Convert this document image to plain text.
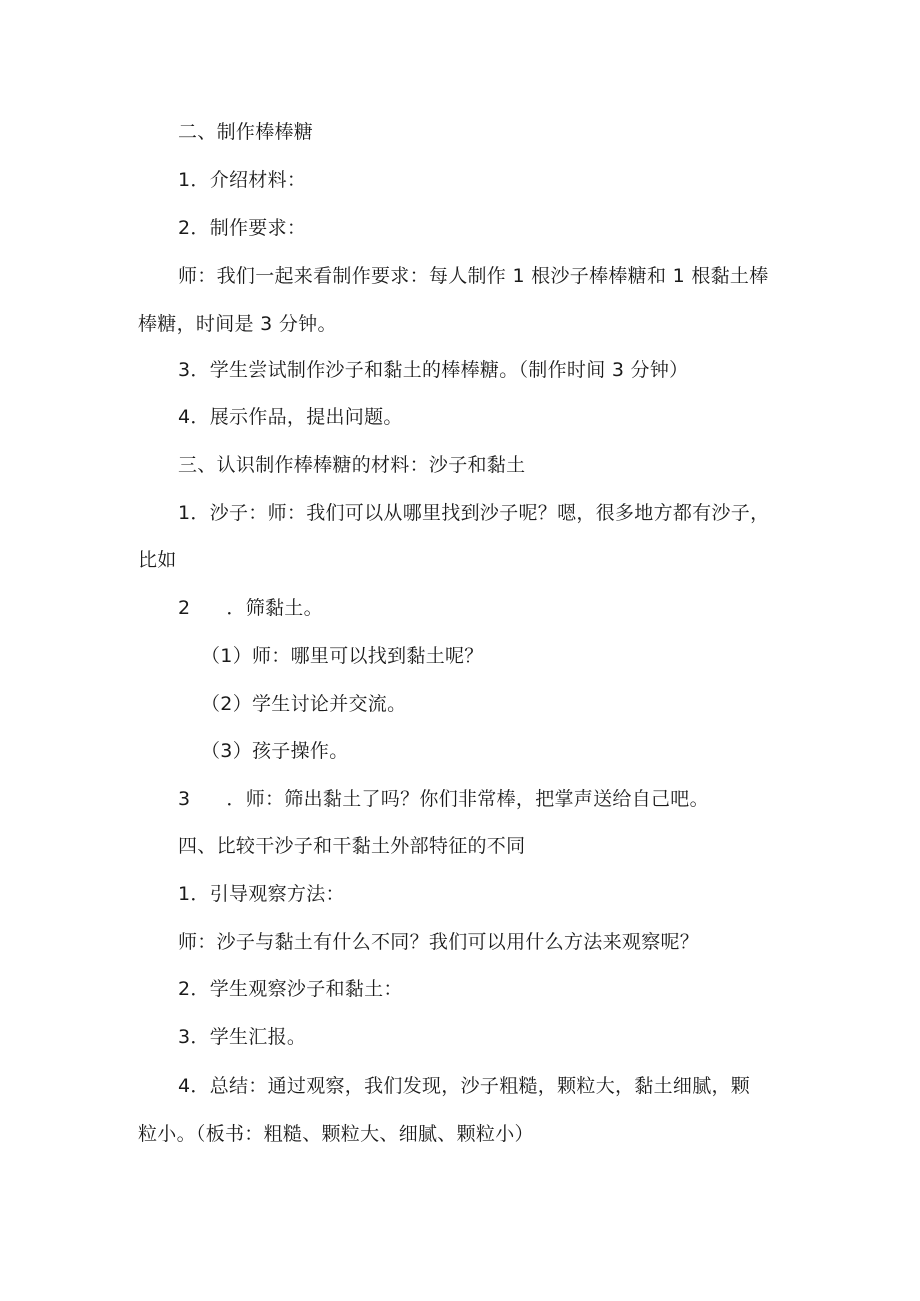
二、制作棒棒糖
1．介绍材料：
2．制作要求：
师：我们一起来看制作要求：每人制作 1 根沙子棒棒糖和 1 根黏土棒
棒糖，时间是 3 分钟。
3．学生尝试制作沙子和黏土的棒棒糖。（制作时间 3 分钟）
4．展示作品，提出问题。
三、认识制作棒棒糖的材料：沙子和黏土
1．沙子：师：我们可以从哪里找到沙子呢？嗯，很多地方都有沙子，
比如
2 ．筛黏土。
（1）师：哪里可以找到黏土呢？
（2）学生讨论并交流。
（3）孩子操作。
3 ．师：筛出黏土了吗？你们非常棒，把掌声送给自己吧。
四、比较干沙子和干黏土外部特征的不同
1．引导观察方法：
师：沙子与黏土有什么不同？我们可以用什么方法来观察呢？
2．学生观察沙子和黏土：
3．学生汇报。
4．总结：通过观察，我们发现，沙子粗糙，颗粒大，黏土细腻，颗
粒小。（板书：粗糙、颗粒大、细腻、颗粒小）
